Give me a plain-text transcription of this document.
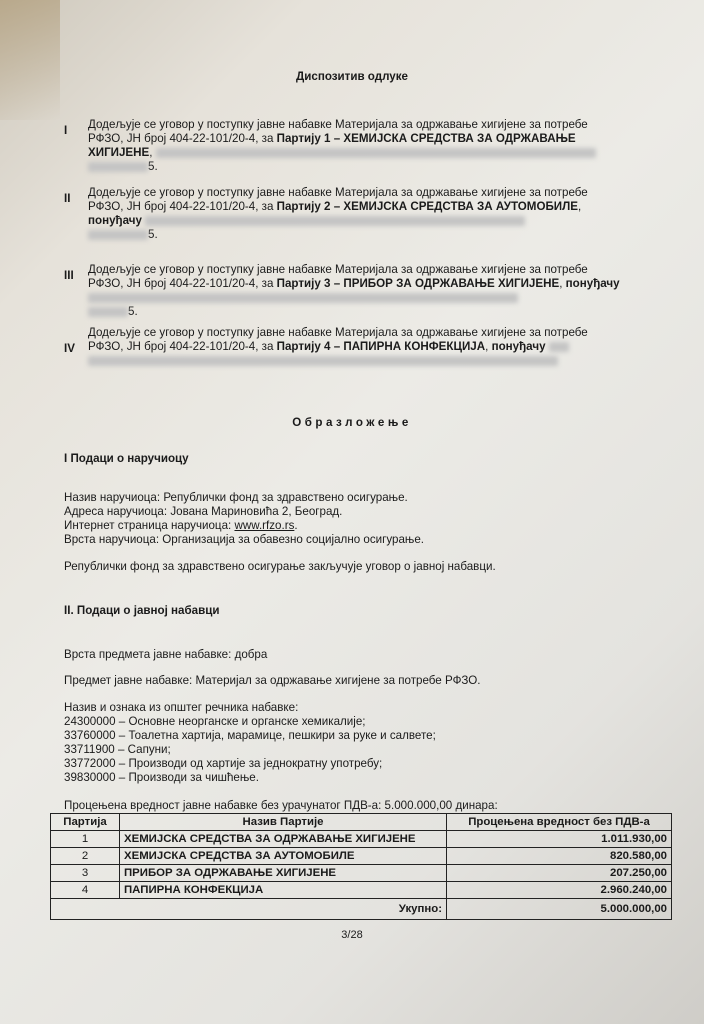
Диспозитив одлуке
I Додељује се уговор у поступку јавне набавке Материјала за одржавање хигијене за потребе РФЗО, ЈН број 404-22-101/20-4, за Партију 1 – ХЕМИЈСКА СРЕДСТВА ЗА ОДРЖАВАЊЕ ХИГИЈЕНЕ,
5.
II Додељује се уговор у поступку јавне набавке Материјала за одржавање хигијене за потребе РФЗО, ЈН број 404-22-101/20-4, за Партију 2 – ХЕМИЈСКА СРЕДСТВА ЗА АУТОМОБИЛЕ, понуђачу
5.
III Додељује се уговор у поступку јавне набавке Материјала за одржавање хигијене за потребе РФЗО, ЈН број 404-22-101/20-4, за Партију 3 – ПРИБОР ЗА ОДРЖАВАЊЕ ХИГИЈЕНЕ, понуђачу
5.
IV
Додељује се уговор у поступку јавне набавке Материјала за одржавање хигијене за потребе РФЗО, ЈН број 404-22-101/20-4, за Партију 4 – ПАПИРНА КОНФЕКЦИЈА, понуђачу

Образложење
I Подаци о наручиоцу
Назив наручиоца: Републички фонд за здравствено осигурање.
Адреса наручиоца: Јована Мариновића 2, Београд.
Интернет страница наручиоца: www.rfzo.rs.
Врста наручиоца: Организација за обавезно социјално осигурање.
Републички фонд за здравствено осигурање закључује уговор о јавној набавци.
II. Подаци о јавној набавци
Врста предмета јавне набавке: добра
Предмет јавне набавке: Материјал за одржавање хигијене за потребе РФЗО.
Назив и ознака из општег речника набавке:
24300000 – Основне неорганске и органске хемикалије;
33760000 – Тоалетна хартија, марамице, пешкири за руке и салвете;
33711900 – Сапуни;
33772000 – Производи од хартије за једнократну употребу;
39830000 – Производи за чишћење.
Процењена вредност јавне набавке без урачунатог ПДВ-а: 5.000.000,00 динара:
Партија	Назив Партије	Процењена вредност без ПДВ-а
1	ХЕМИЈСКА СРЕДСТВА ЗА ОДРЖАВАЊЕ ХИГИЈЕНЕ	1.011.930,00
2	ХЕМИЈСКА СРЕДСТВА ЗА АУТОМОБИЛЕ	820.580,00
3	ПРИБОР ЗА ОДРЖАВАЊЕ ХИГИЈЕНЕ	207.250,00
4	ПАПИРНА КОНФЕКЦИЈА	2.960.240,00
Укупно:		5.000.000,00
3/28
